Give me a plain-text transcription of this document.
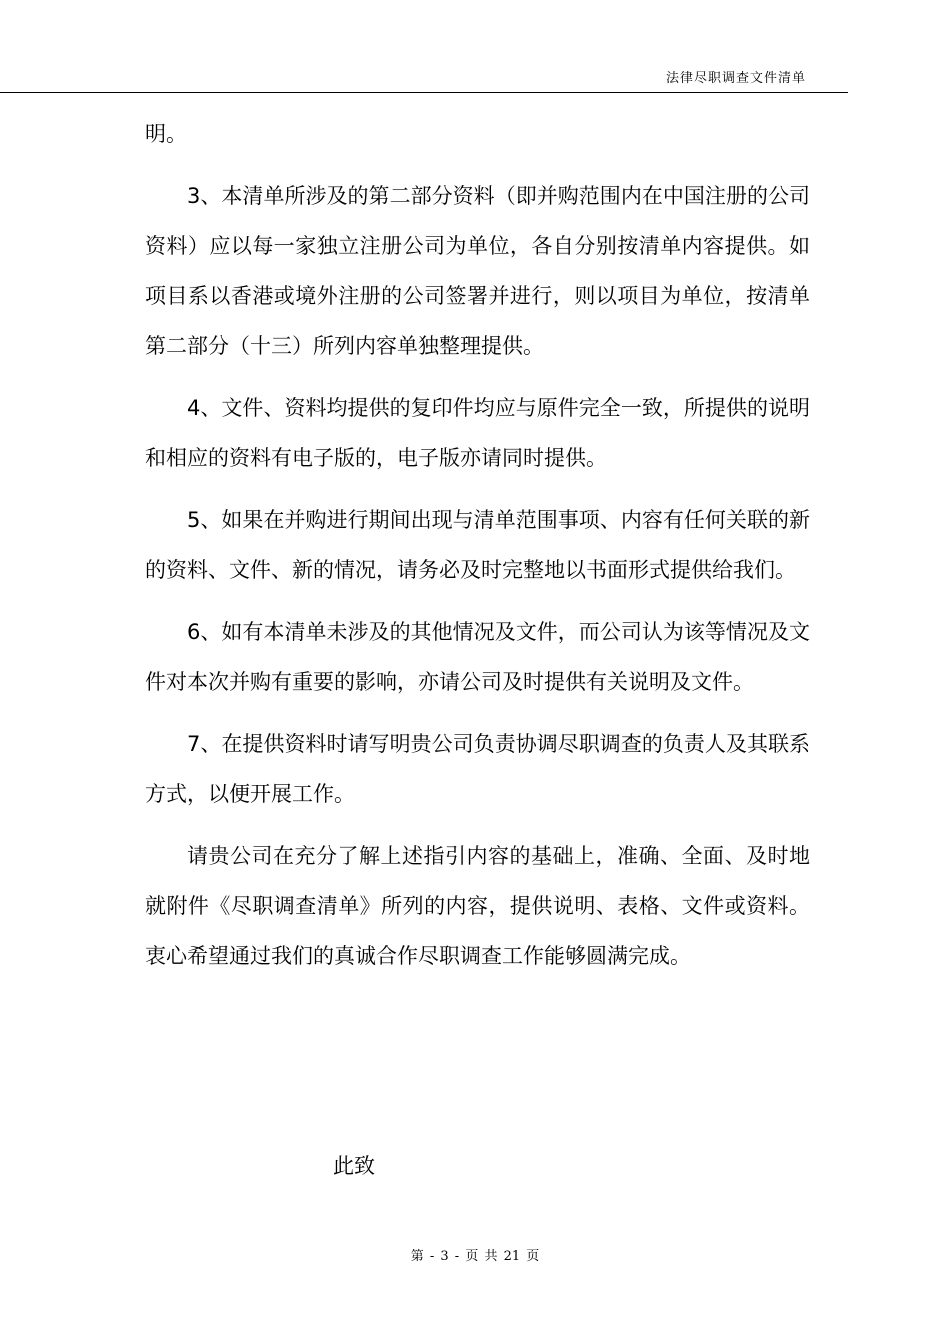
法律尽职调查文件清单

明。

3、本清单所涉及的第二部分资料（即并购范围内在中国注册的公司资料）应以每一家独立注册公司为单位，各自分别按清单内容提供。如项目系以香港或境外注册的公司签署并进行，则以项目为单位，按清单第二部分（十三）所列内容单独整理提供。

4、文件、资料均提供的复印件均应与原件完全一致，所提供的说明和相应的资料有电子版的，电子版亦请同时提供。

5、如果在并购进行期间出现与清单范围事项、内容有任何关联的新的资料、文件、新的情况，请务必及时完整地以书面形式提供给我们。

6、如有本清单未涉及的其他情况及文件，而公司认为该等情况及文件对本次并购有重要的影响，亦请公司及时提供有关说明及文件。

7、在提供资料时请写明贵公司负责协调尽职调查的负责人及其联系方式，以便开展工作。

请贵公司在充分了解上述指引内容的基础上，准确、全面、及时地就附件《尽职调查清单》所列的内容，提供说明、表格、文件或资料。衷心希望通过我们的真诚合作尽职调查工作能够圆满完成。

此致
第 - 3 - 页 共 21 页
